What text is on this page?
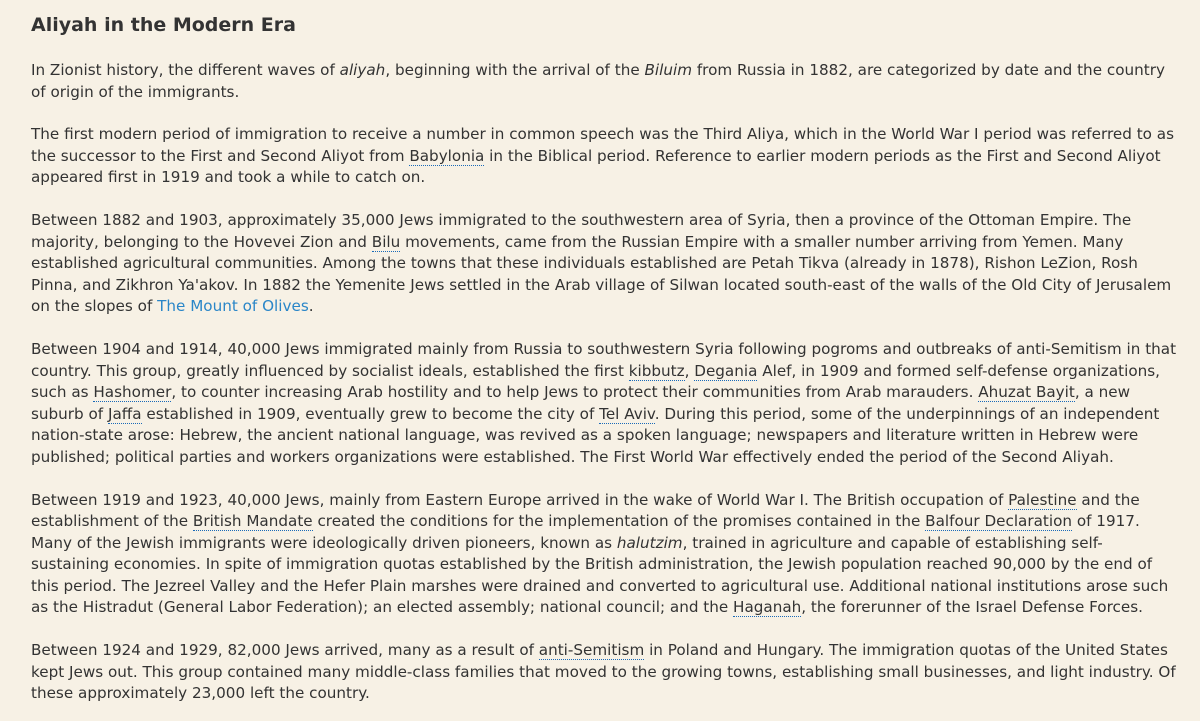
Aliyah in the Modern Era

In Zionist history, the different waves of aliyah, beginning with the arrival of the Biluim from Russia in 1882, are categorized by date and the country of origin of the immigrants.

The first modern period of immigration to receive a number in common speech was the Third Aliya, which in the World War I period was referred to as the successor to the First and Second Aliyot from Babylonia in the Biblical period. Reference to earlier modern periods as the First and Second Aliyot appeared first in 1919 and took a while to catch on.

Between 1882 and 1903, approximately 35,000 Jews immigrated to the southwestern area of Syria, then a province of the Ottoman Empire. The majority, belonging to the Hovevei Zion and Bilu movements, came from the Russian Empire with a smaller number arriving from Yemen. Many established agricultural communities. Among the towns that these individuals established are Petah Tikva (already in 1878), Rishon LeZion, Rosh Pinna, and Zikhron Ya'akov. In 1882 the Yemenite Jews settled in the Arab village of Silwan located south-east of the walls of the Old City of Jerusalem on the slopes of The Mount of Olives.

Between 1904 and 1914, 40,000 Jews immigrated mainly from Russia to southwestern Syria following pogroms and outbreaks of anti-Semitism in that country. This group, greatly influenced by socialist ideals, established the first kibbutz, Degania Alef, in 1909 and formed self-defense organizations, such as Hashomer, to counter increasing Arab hostility and to help Jews to protect their communities from Arab marauders. Ahuzat Bayit, a new suburb of Jaffa established in 1909, eventually grew to become the city of Tel Aviv. During this period, some of the underpinnings of an independent nation-state arose: Hebrew, the ancient national language, was revived as a spoken language; newspapers and literature written in Hebrew were published; political parties and workers organizations were established. The First World War effectively ended the period of the Second Aliyah.

Between 1919 and 1923, 40,000 Jews, mainly from Eastern Europe arrived in the wake of World War I. The British occupation of Palestine and the establishment of the British Mandate created the conditions for the implementation of the promises contained in the Balfour Declaration of 1917. Many of the Jewish immigrants were ideologically driven pioneers, known as halutzim, trained in agriculture and capable of establishing self-sustaining economies. In spite of immigration quotas established by the British administration, the Jewish population reached 90,000 by the end of this period. The Jezreel Valley and the Hefer Plain marshes were drained and converted to agricultural use. Additional national institutions arose such as the Histradut (General Labor Federation); an elected assembly; national council; and the Haganah, the forerunner of the Israel Defense Forces.

Between 1924 and 1929, 82,000 Jews arrived, many as a result of anti-Semitism in Poland and Hungary. The immigration quotas of the United States kept Jews out. This group contained many middle-class families that moved to the growing towns, establishing small businesses, and light industry. Of these approximately 23,000 left the country.
